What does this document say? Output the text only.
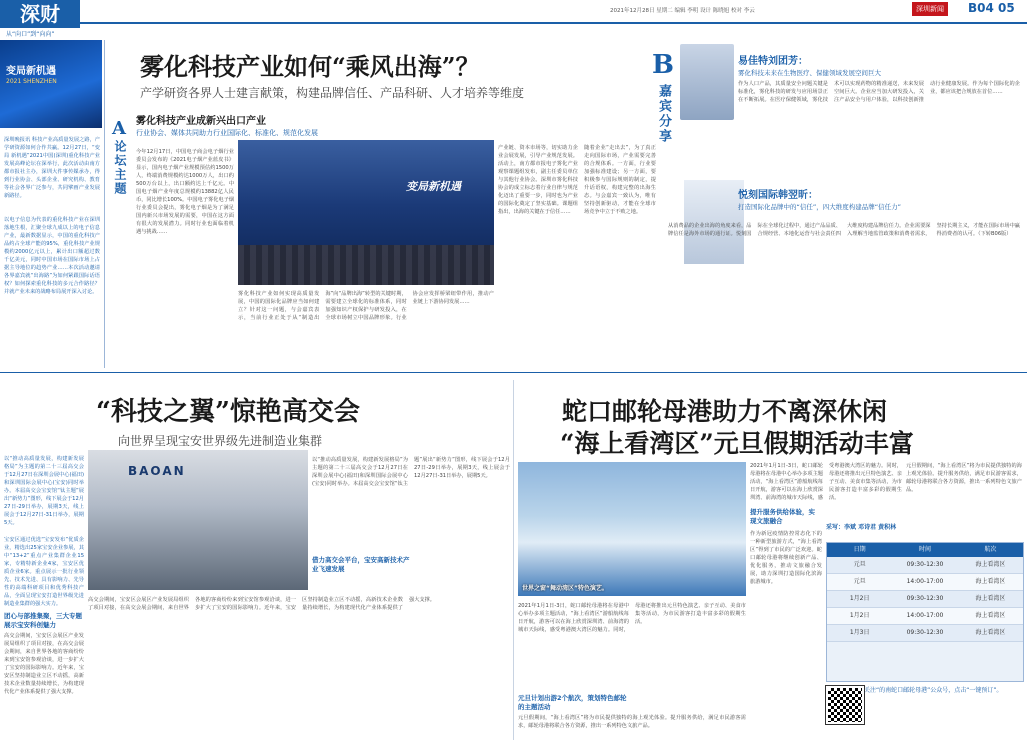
深财
从“向口”到“向向”
2021年12月28日 星期二 编辑 李明 设计 陈晓旭 校对 李云	深圳新闻	B04 05
变局新机遇
2021 SHENZHEN
深圳晚报讯 科技产业高质量发展之路，产学研资源如何合作共赢。12月27日，“变局 新机遇”2021中国(深圳)重化科技产业发展高峰论坛在深举行，此次活动由南方都市报社主办，深圳大件事传媒承办，得到行业协会、头部企业、研究机构、教育等社会各界广泛参与，共同擘画产业发展新路径。
以电子信息为代表的重化科技产业在深圳落地生根，汇聚全球九成以上的电子信息产业，最新数据显示，中国的重化科技产品约占全球产能的95%，重化科技产业规模约2000亿元以上，累计出口额超过数千亿美元，同时中国市场在国际市场上占据主导地位的趋势产业……本次活动邀请各界嘉宾就“出海路”为如何紧跟国际话语权？如何探索重化科技的多元合作路径？并就产业未来的战略布局展开深入讨论。
雾化科技产业如何“乘风出海”？
产学研资各界人士建言献策，构建品牌信任、产品科研、人才培养等维度
A
论坛主题
雾化科技产业成新兴出口产业
行业协会、媒体共同助力行业国际化、标准化、规范化发展
今年12月17日，中国电子商会电子烟行业委员会发布的《2021电子烟产业蓝皮书》显示，国内电子烟产业规模预估约1500万人，终端消费规模约达1000万人，出口约500万台以上，出口额约达上千亿元。中国电子烟产业年度总规模约13882亿人民币，同比增长100%。中国电子雾化电子烟行业委员会提出，雾化电子烟是为了满足国内新兴市场发展的需要，中国在这方面有很大的发展潜力。同时行业也面临着机遇与挑战……
变局新机遇
雾化科技产业如何实现高质量发展，中国的国际化品牌应当如何建立？针对这一问题，与会嘉宾表示，当前行业正处于从“制造出海”向“品牌出海”转型的关键时期，需要建立全球化的标准体系，同时加强知识产权保护与研发投入，在全球市场树立中国品牌形象。行业协会应发挥桥梁纽带作用，推动产业链上下游协同发展……
产业链、资本市场等，切实助力企业会展发展，引导产业规范发展。活动上，南方都市报电子雾化产业观察课题组发布，副主任委员单位与其他行业协会。深圳市雾化科技协会的成立标志着行业自律与规范化迈出了重要一步，同时也为产业的国际化奠定了坚实基础。课题组指出，出海的关键在于信任……
随着企业“走出去”，为了真正走向国际市场，产业需要完善的合规体系。一方面，行业要加强标准建设；另一方面，要积极参与国际规则的制定，提升话语权，构建完整的出海生态。与会嘉宾一致认为，唯有坚持创新驱动，才能在全球市场竞争中立于不败之地。
B
嘉宾分享
易佳特刘团芳：
雾化科技未来在生物医疗、保健领域发展空间巨大
作为人口产品，其质量安全问题关键是标准化，雾化科技的研发与应用场景正在不断拓展。在医疗保健领域，雾化技术可以实现药物的精准递送，未来发展空间巨大。企业应当加大研发投入，关注产品安全与用户体验，以科技创新推动行业健康发展。作为每个国际化的企业，都应该把合规放在首位……
悦刻国际韩翌昕：
打造国际化品牌中的“信任”，四大维度构建品牌“信任力”
从消费品的企业出海的角度来看，品牌信任是海外市场的通行证。悦刻国际在全球化过程中，通过产品品质、合规经营、本地化运营与社会责任四大维度构建品牌信任力。企业需要深入理解当地监管政策和消费者需求，坚持长期主义，才能在国际市场中赢得消费者的认可。（下转B06版）
“科技之翼”惊艳高交会
向世界呈现宝安世界级先进制造业集群
BAOAN
以“推动高质量发展，构建新发展格局”为主题的第二十三届高交会于12月27日在深圳会展中心(福田)和深圳国际会展中心(宝安)同时举办。本届高交会宝安馆“钛主题”展出“新势力”图形，线下展会于12月27日-29日举办，展期3天，线上展会于12月27日-31日举办，展期5天。
宝安区通过优选“宝安发布”优质企业，精选出25家宝安企业参展，其中“13+2”重点产业集群企业15家，专精特新企业4家，宝安区优质企业6家。重点展示一批行业领先、技术先进、具有影响力、先导性的高端科研项目和优秀科技产品，全面呈现宝安打造世界级先进制造业集群的强大实力。
团心与部推集聚，三大专题展示宝安科创魅力
高交会期间，宝安区会展区产业发展局组织了项目对接，在高交会展会期间，来自世界各地的客商纷纷来到宝安馆参观洽谈，进一步扩大了宝安的国际影响力。近年来，宝安区坚持制造业立区不动摇，高新技术企业数量持续增长，为构建现代化产业体系提供了强大支撑。
借力高交会平台，宝安高新技术产业飞速发展
高交会期间，宝安区会展区产业发展局组织了项目对接，在高交会展会期间，来自世界各地的客商纷纷来到宝安馆参观洽谈，进一步扩大了宝安的国际影响力。近年来，宝安区坚持制造业立区不动摇，高新技术企业数量持续增长，为构建现代化产业体系提供了强大支撑。
以“推动高质量发展，构建新发展格局”为主题的第二十三届高交会于12月27日在深圳会展中心(福田)和深圳国际会展中心(宝安)同时举办。本届高交会宝安馆“钛主题”展出“新势力”图形，线下展会于12月27日-29日举办，展期3天，线上展会于12月27日-31日举办，展期5天。
蛇口邮轮母港助力不离深休闲
“海上看湾区”元旦假期活动丰富
世界之窗“舞动湾区”特色演艺。
2021年1月1日-3日，蛇口邮轮母港将在母港中心举办多项主题活动，“海上看湾区”游船航线每日开航，游客可以在海上欣赏深圳湾、前海湾的城市天际线，感受粤港澳大湾区的魅力。同时，母港还将推出元旦特色演艺、亲子互动、美食市集等活动，为市民游客打造丰富多彩的假期生活。
元旦计划出游2个航次，策划特色邮轮的主题活动
元旦假期间，“海上看湾区”将为市民提供独特的海上观光体验。提升服务供给，满足市民游客需求，邮轮母港将联合各方资源，推出一系列特色文旅产品。
2021年1月1日-3日，蛇口邮轮母港将在母港中心举办多项主题活动，“海上看湾区”游船航线每日开航，游客可以在海上欣赏深圳湾、前海湾的城市天际线，感受粤港澳大湾区的魅力。同时，母港还将推出元旦特色演艺、亲子互动、美食市集等活动，为市民游客打造丰富多彩的假期生活。
提升服务供给体验，实现文旅融合
作为新冠疫情防控常态化下的一种新型旅游方式，“海上看湾区”得到了市民的广泛欢迎。蛇口邮轮母港将继续创新产品、优化服务，推动文旅融合发展，助力深圳打造国际化滨海旅游城市。
元旦假期间，“海上看湾区”将为市民提供独特的海上观光体验。提升服务供给，满足市民游客需求，邮轮母港将联合各方资源，推出一系列特色文旅产品。
采写：李斌 邓诗君 黄积林
日期	时间	航次
元旦	09:30-12:30	海上看湾区
元旦	14:00-17:00	海上看湾区
1月2日	09:30-12:30	海上看湾区
1月2日	14:00-17:00	海上看湾区
1月3日	09:30-12:30	海上看湾区
关注“的南蛇口邮轮母港”公众号，点击“一键预订”。
